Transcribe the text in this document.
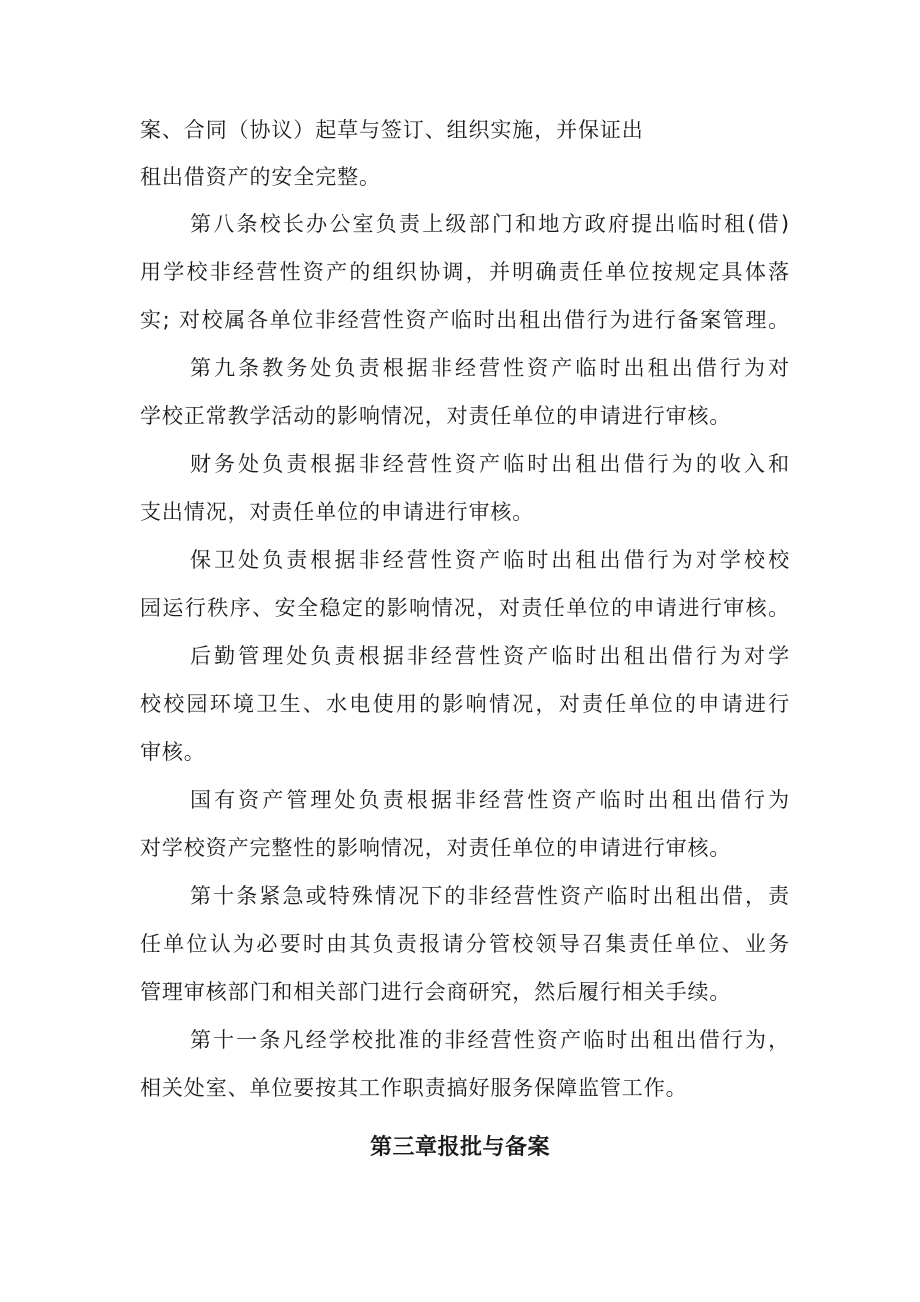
案、合同（协议）起草与签订、组织实施，并保证出
租出借资产的安全完整。
第八条校长办公室负责上级部门和地方政府提出临时租(借)
用学校非经营性资产的组织协调，并明确责任单位按规定具体落
实; 对校属各单位非经营性资产临时出租出借行为进行备案管理。
第九条教务处负责根据非经营性资产临时出租出借行为对
学校正常教学活动的影响情况，对责任单位的申请进行审核。
财务处负责根据非经营性资产临时出租出借行为的收入和
支出情况，对责任单位的申请进行审核。
保卫处负责根据非经营性资产临时出租出借行为对学校校
园运行秩序、安全稳定的影响情况，对责任单位的申请进行审核。
后勤管理处负责根据非经营性资产临时出租出借行为对学
校校园环境卫生、水电使用的影响情况，对责任单位的申请进行
审核。
国有资产管理处负责根据非经营性资产临时出租出借行为
对学校资产完整性的影响情况，对责任单位的申请进行审核。
第十条紧急或特殊情况下的非经营性资产临时出租出借，责
任单位认为必要时由其负责报请分管校领导召集责任单位、业务
管理审核部门和相关部门进行会商研究，然后履行相关手续。
第十一条凡经学校批准的非经营性资产临时出租出借行为，
相关处室、单位要按其工作职责搞好服务保障监管工作。
第三章报批与备案
